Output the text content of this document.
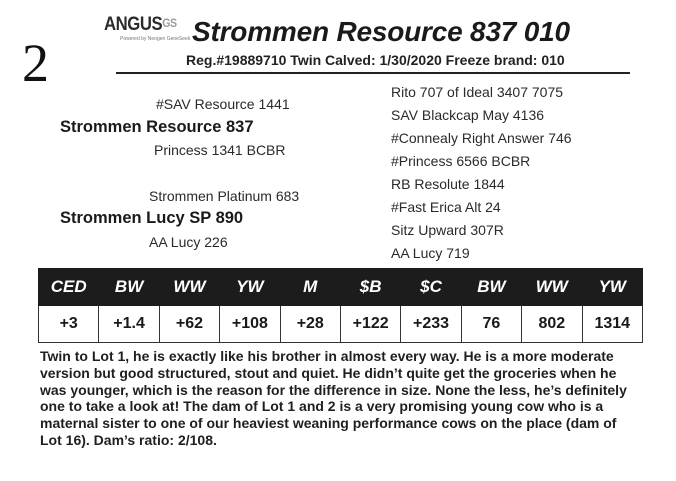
2
$ANGUS^{GS}$
Powered by Neogen GeneSeek Strommen Resource 837 010
Reg.#19889710 Twin Calved: 1/30/2020 Freeze brand: 010
#SAV Resource 1441
Strommen Resource 837
Princess 1341 BCBR
Strommen Platinum 683
Strommen Lucy SP 890
AA Lucy 226
Rito 707 of Ideal 3407 7075
SAV Blackcap May 4136
#Connealy Right Answer 746
#Princess 6566 BCBR
RB Resolute 1844
#Fast Erica Alt 24
Sitz Upward 307R
AA Lucy 719
CED	BW	WW	YW	M	$B	$C	BW	WW	YW
+3	+1.4	+62	+108	+28	+122	+233	76	802	1314
Twin to Lot 1, he is exactly like his brother in almost every way. He is a more moderate version but good structured, stout and quiet. He didn’t quite get the groceries when he was younger, which is the reason for the difference in size. None the less, he’s definitely one to take a look at! The dam of Lot 1 and 2 is a very promising young cow who is a maternal sister to one of our heaviest weaning performance cows on the place (dam of Lot 16). Dam’s ratio: 2/108.
